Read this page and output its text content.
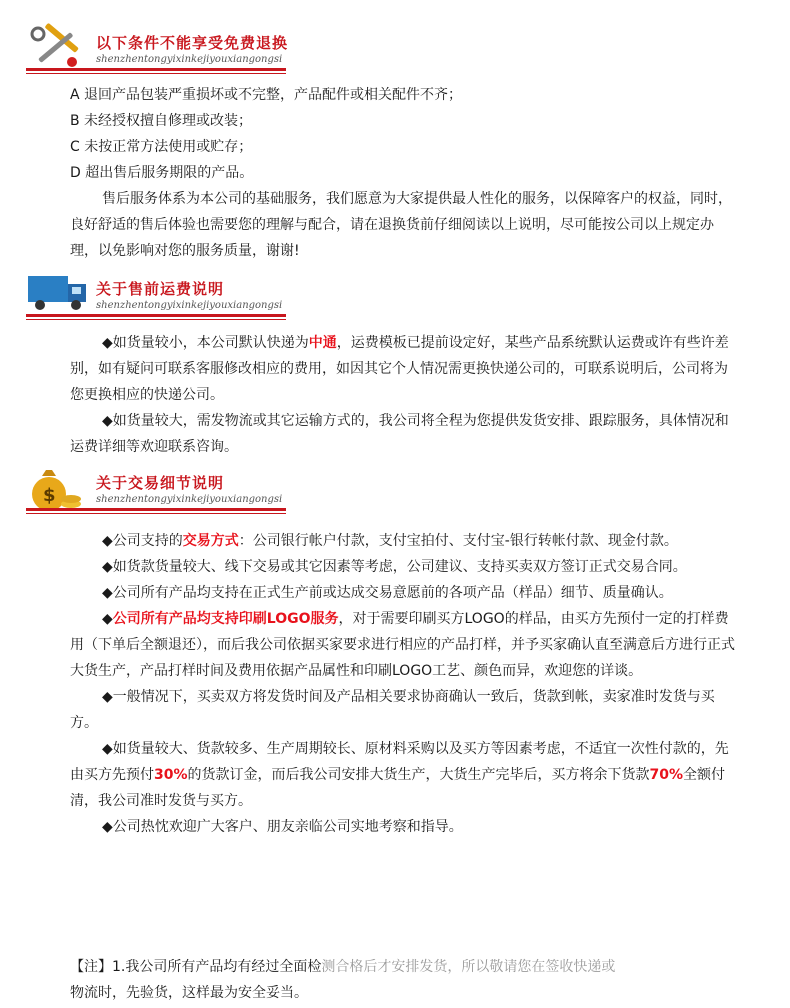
以下条件不能享受免费退换
shenzhentongyixinkejiyouxiangongsi

A 退回产品包装严重损坏或不完整，产品配件或相关配件不齐；

B 未经授权擅自修理或改装；

C 未按正常方法使用或贮存；

D 超出售后服务期限的产品。

售后服务体系为本公司的基础服务，我们愿意为大家提供最人性化的服务，以保障客户的权益，同时，良好舒适的售后体验也需要您的理解与配合，请在退换货前仔细阅读以上说明，尽可能按公司以上规定办理，以免影响对您的服务质量，谢谢!

关于售前运费说明
shenzhentongyixinkejiyouxiangongsi

◆如货量较小，本公司默认快递为中通，运费模板已提前设定好，某些产品系统默认运费或许有些许差别，如有疑问可联系客服修改相应的费用，如因其它个人情况需更换快递公司的，可联系说明后，公司将为您更换相应的快递公司。

◆如货量较大，需发物流或其它运输方式的，我公司将全程为您提供发货安排、跟踪服务，具体情况和运费详细等欢迎联系咨询。

$
关于交易细节说明
shenzhentongyixinkejiyouxiangongsi

◆公司支持的交易方式：公司银行帐户付款，支付宝拍付、支付宝-银行转帐付款、现金付款。

◆如货款货量较大、线下交易或其它因素等考虑，公司建议、支持买卖双方签订正式交易合同。

◆公司所有产品均支持在正式生产前或达成交易意愿前的各项产品（样品）细节、质量确认。

◆公司所有产品均支持印刷LOGO服务，对于需要印刷买方LOGO的样品，由买方先预付一定的打样费用（下单后全额退还），而后我公司依据买家要求进行相应的产品打样，并予买家确认直至满意后方进行正式大货生产，产品打样时间及费用依据产品属性和印刷LOGO工艺、颜色而异，欢迎您的详谈。

◆一般情况下，买卖双方将发货时间及产品相关要求协商确认一致后，货款到帐，卖家准时发货与买方。

◆如货量较大、货款较多、生产周期较长、原材料采购以及买方等因素考虑，不适宜一次性付款的，先由买方先预付30%的货款订金，而后我公司安排大货生产，大货生产完毕后，买方将余下货款70%全额付清，我公司准时发货与买方。

◆公司热忱欢迎广大客户、朋友亲临公司实地考察和指导。

【注】1.我公司所有产品均有经过全面检测合格后才安排发货，所以敬请您在签收快递或

物流时，先验货，这样最为安全妥当。
